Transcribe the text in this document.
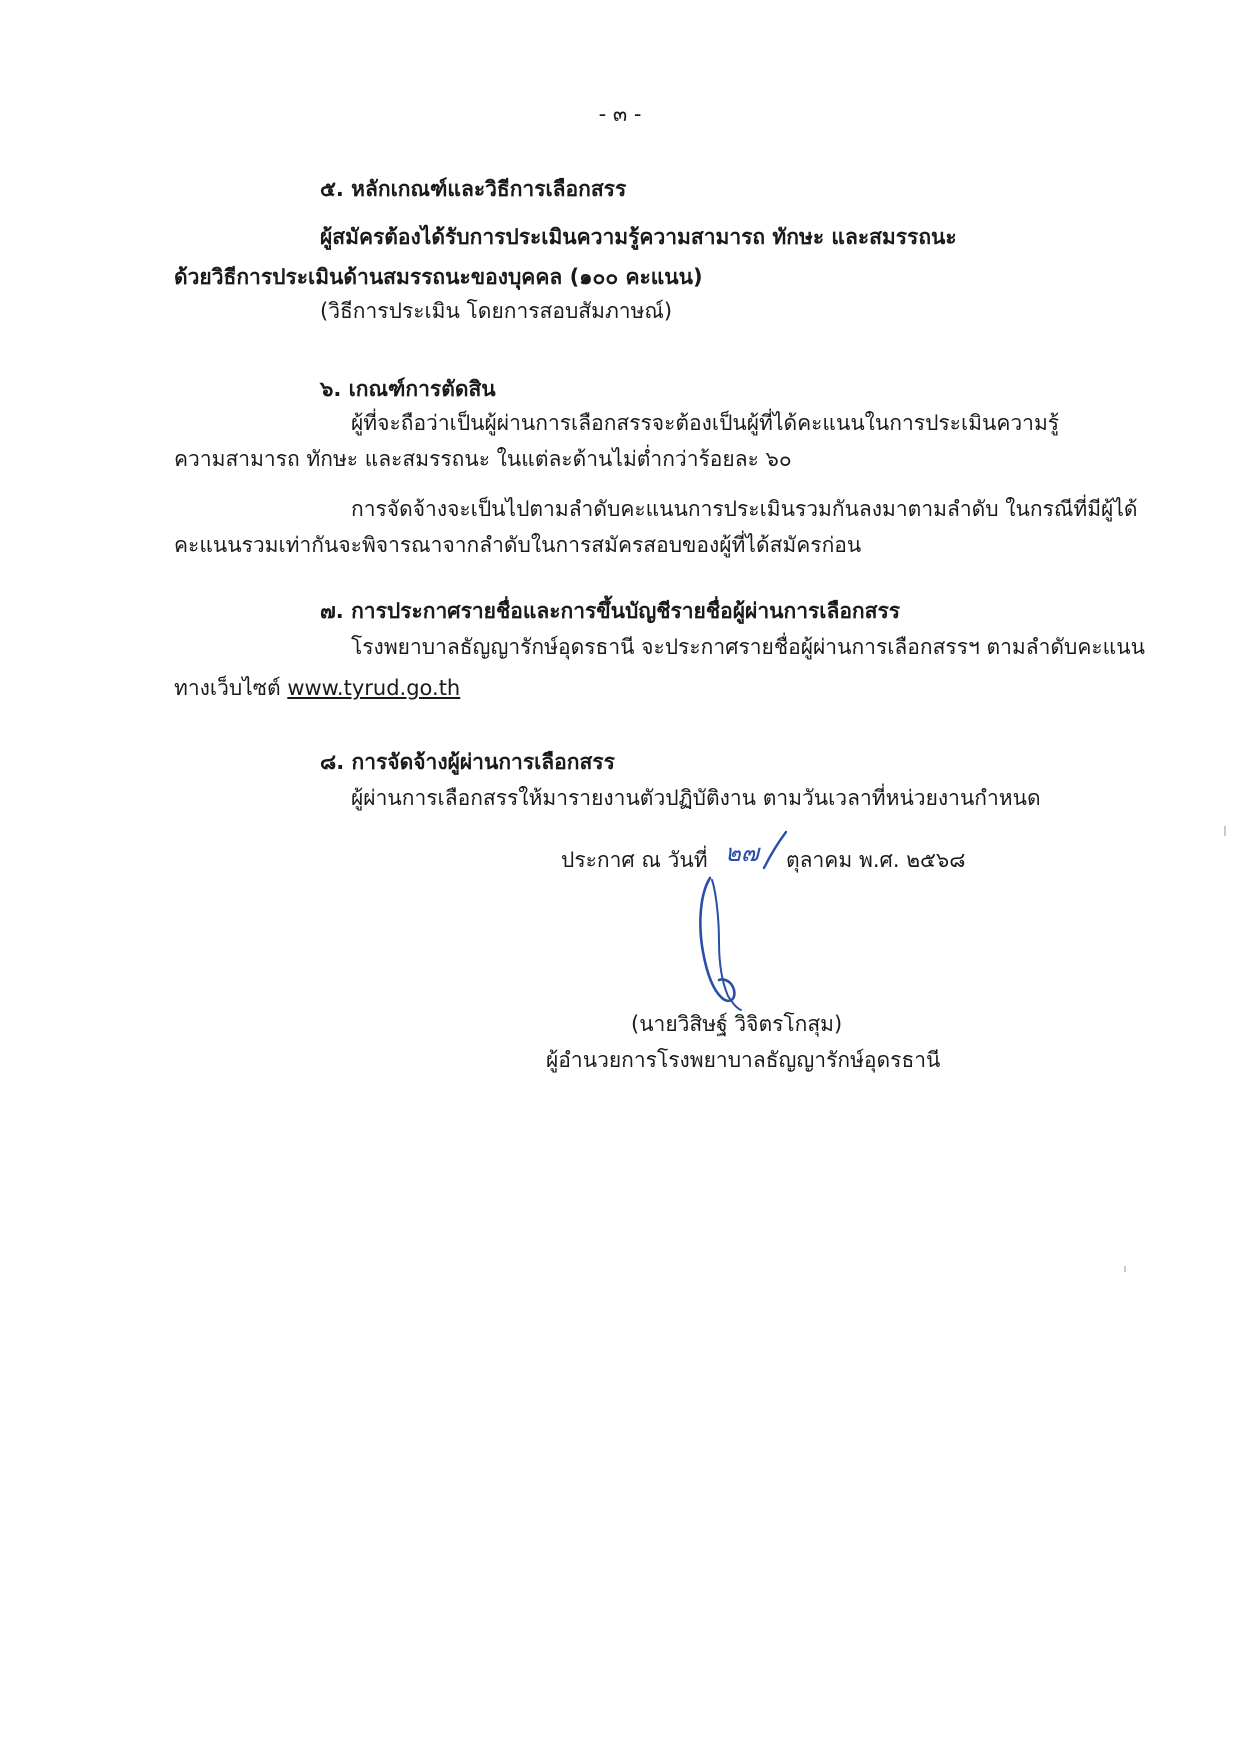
- ๓ -

๕. หลักเกณฑ์และวิธีการเลือกสรร

ผู้สมัครต้องได้รับการประเมินความรู้ความสามารถ ทักษะ และสมรรถนะ

ด้วยวิธีการประเมินด้านสมรรถนะของบุคคล (๑๐๐ คะแนน)

(วิธีการประเมิน โดยการสอบสัมภาษณ์)

๖. เกณฑ์การตัดสิน

ผู้ที่จะถือว่าเป็นผู้ผ่านการเลือกสรรจะต้องเป็นผู้ที่ได้คะแนนในการประเมินความรู้

ความสามารถ ทักษะ และสมรรถนะ ในแต่ละด้านไม่ต่ำกว่าร้อยละ ๖๐

การจัดจ้างจะเป็นไปตามลำดับคะแนนการประเมินรวมกันลงมาตามลำดับ ในกรณีที่มีผู้ได้

คะแนนรวมเท่ากันจะพิจารณาจากลำดับในการสมัครสอบของผู้ที่ได้สมัครก่อน

๗. การประกาศรายชื่อและการขึ้นบัญชีรายชื่อผู้ผ่านการเลือกสรร

โรงพยาบาลธัญญารักษ์อุดรธานี จะประกาศรายชื่อผู้ผ่านการเลือกสรรฯ ตามลำดับคะแนน

ทางเว็บไซต์ www.tyrud.go.th

๘. การจัดจ้างผู้ผ่านการเลือกสรร

ผู้ผ่านการเลือกสรรให้มารายงานตัวปฏิบัติงาน ตามวันเวลาที่หน่วยงานกำหนด

ประกาศ ณ วันที่ ๒๗ ตุลาคม พ.ศ. ๒๕๖๘

(นายวิสิษฐ์ วิจิตรโกสุม)

ผู้อำนวยการโรงพยาบาลธัญญารักษ์อุดรธานี
